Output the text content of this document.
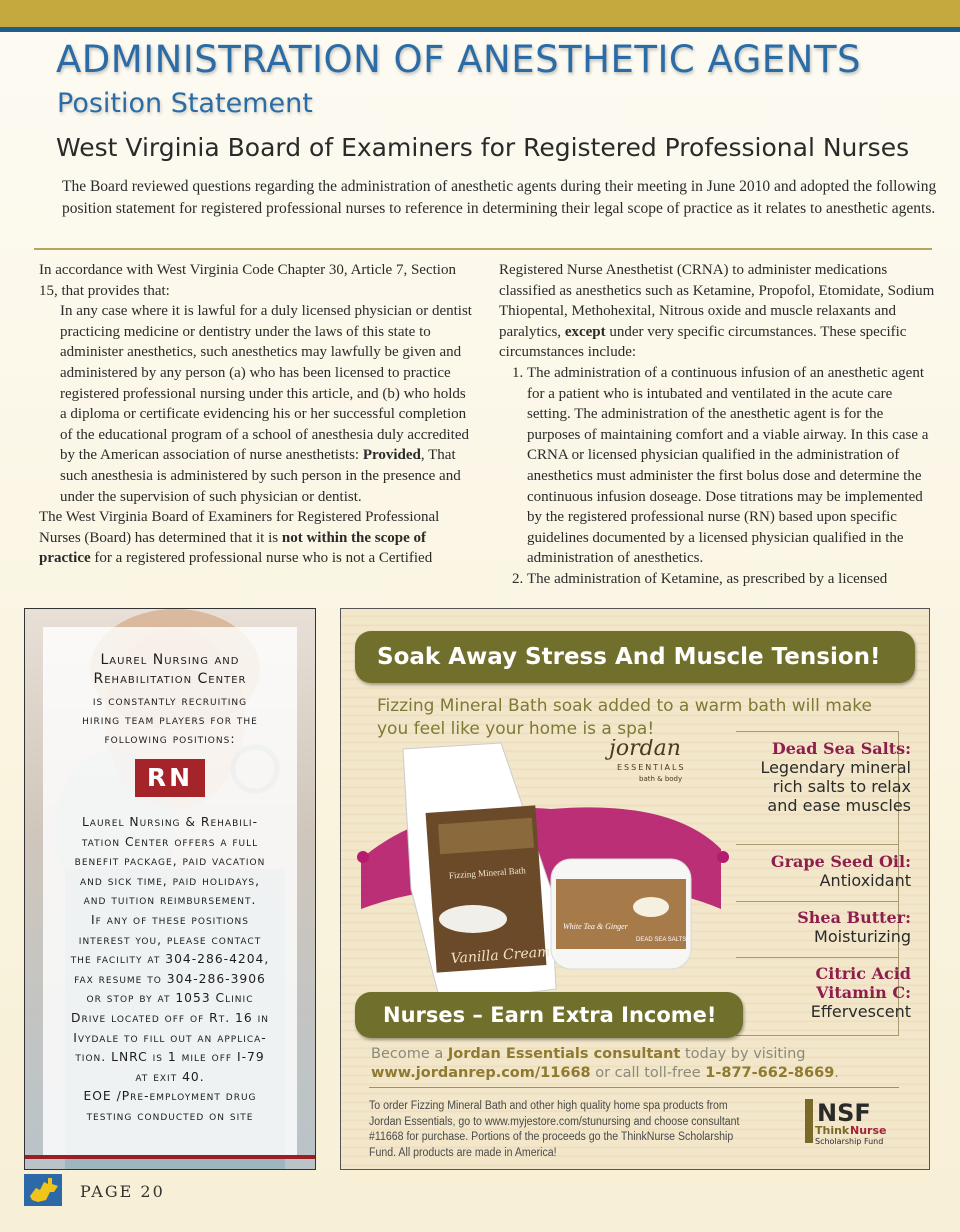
ADMINISTRATION OF ANESTHETIC AGENTS
Position Statement
West Virginia Board of Examiners for Registered Professional Nurses
The Board reviewed questions regarding the administration of anesthetic agents during their meeting in June 2010 and adopted the following position statement for registered professional nurses to reference in determining their legal scope of practice as it relates to anesthetic agents.

In accordance with West Virginia Code Chapter 30, Article 7, Section 15, that provides that:

In any case where it is lawful for a duly licensed physician or dentist practicing medicine or dentistry under the laws of this state to administer anesthetics, such anesthetics may lawfully be given and administered by any person (a) who has been licensed to practice registered professional nursing under this article, and (b) who holds a diploma or certificate evidencing his or her successful completion of the educational program of a school of anesthesia duly accredited by the American association of nurse anesthetists: Provided, That such anesthesia is administered by such person in the presence and under the supervision of such physician or dentist.

The West Virginia Board of Examiners for Registered Professional Nurses (Board) has determined that it is not within the scope of practice for a registered professional nurse who is not a Certified

Registered Nurse Anesthetist (CRNA) to administer medications classified as anesthetics such as Ketamine, Propofol, Etomidate, Sodium Thiopental, Methohexital, Nitrous oxide and muscle relaxants and paralytics, except under very specific circumstances. These specific circumstances include:

1. The administration of a continuous infusion of an anesthetic agent for a patient who is intubated and ventilated in the acute care setting. The administration of the anesthetic agent is for the purposes of maintaining comfort and a viable airway. In this case a CRNA or licensed physician qualified in the administration of anesthetics must administer the first bolus dose and determine the continuous infusion doseage. Dose titrations may be implemented by the registered professional nurse (RN) based upon specific guidelines documented by a licensed physician qualified in the administration of anesthetics.
2. The administration of Ketamine, as prescribed by a licensed
Laurel Nursing and
Rehabilitation Center
is constantly recruiting
hiring team players for the
following positions:
RN
Laurel Nursing & Rehabili-
tation Center offers a full
benefit package, paid vacation
and sick time, paid holidays,
and tuition reimbursement.
If any of these positions
interest you, please contact
the facility at 304-286-4204,
fax resume to 304-286-3906
or stop by at 1053 Clinic
Drive located off of Rt. 16 in
Ivydale to fill out an applica-
tion. LNRC is 1 mile off I-79
at exit 40.
EOE /Pre-employment drug
testing conducted on site
Soak Away Stress And Muscle Tension!
Fizzing Mineral Bath soak added to a warm bath will make you feel like your home is a spa!
Fizzing Mineral Bath
Vanilla Cream
White Tea & Ginger
DEAD SEA SALTS
jordan
ESSENTIALS
bath & body
Dead Sea Salts:
Legendary mineral rich salts to relax and ease muscles
Grape Seed Oil:
Antioxidant
Shea Butter:
Moisturizing
Citric Acid Vitamin C:
Effervescent
Nurses – Earn Extra Income!
Become a Jordan Essentials consultant today by visiting
www.jordanrep.com/11668 or call toll-free 1-877-662-8669.
To order Fizzing Mineral Bath and other high quality home spa products from Jordan Essentials, go to www.myjestore.com/stunursing and choose consultant #11668 for purchase. Portions of the proceeds go the ThinkNurse Scholarship Fund. All products are made in America!
NSF
Think Nurse
Scholarship Fund
PAGE 20
